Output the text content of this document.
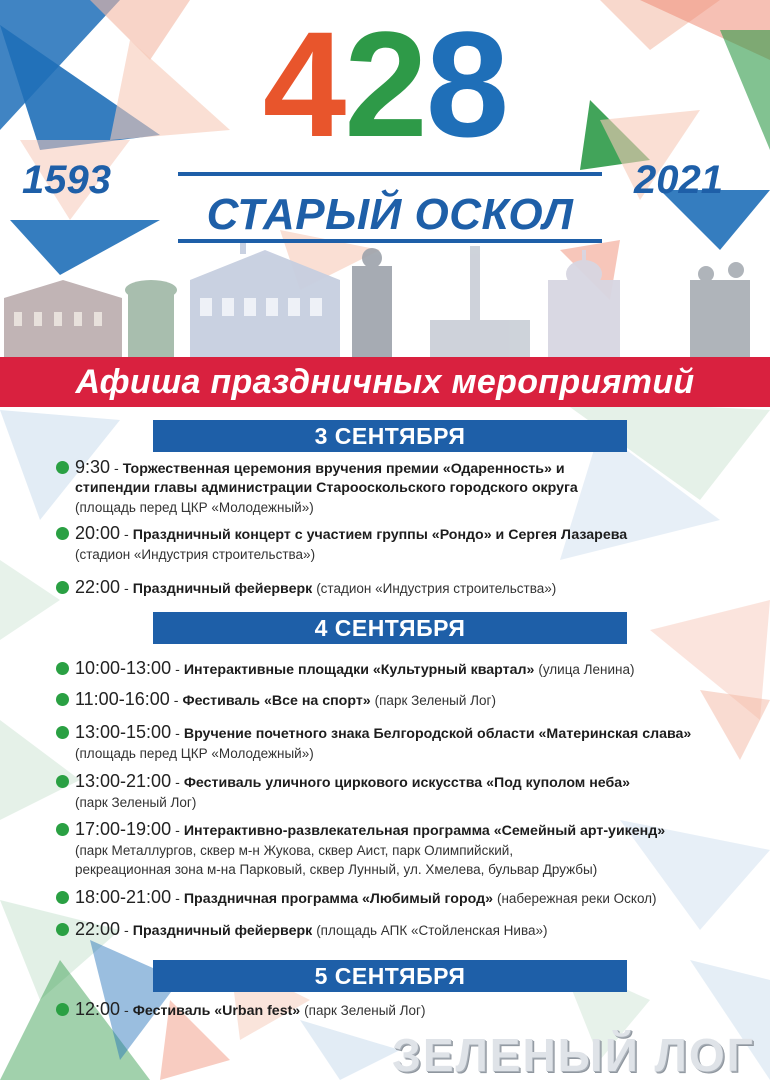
428
1593	2021
СТАРЫЙ ОСКОЛ
Афиша праздничных мероприятий
3 СЕНТЯБРЯ
9:30 - Торжественная церемония вручения премии «Одаренность» и
стипендии главы администрации Старооскольского городского округа
(площадь перед ЦКР «Молодежный»)
20:00 - Праздничный концерт с участием группы «Рондо» и Сергея Лазарева
(стадион «Индустрия строительства»)
22:00 - Праздничный фейерверк
(стадион «Индустрия строительства»)
4 СЕНТЯБРЯ
10:00-13:00 - Интерактивные площадки «Культурный квартал»
(улица Ленина)
11:00-16:00 - Фестиваль «Все на спорт»
(парк Зеленый Лог)
13:00-15:00 - Вручение почетного знака Белгородской области «Материнская слава»
(площадь перед ЦКР «Молодежный»)
13:00-21:00 - Фестиваль уличного циркового искусства «Под куполом неба»
(парк Зеленый Лог)
17:00-19:00 - Интерактивно-развлекательная программа «Семейный арт-уикенд»
(парк Металлургов, сквер м-н Жукова, сквер Аист, парк Олимпийский,
рекреационная зона м-на Парковый, сквер Лунный, ул. Хмелева, бульвар Дружбы)
18:00-21:00 - Праздничная программа «Любимый город»
(набережная реки Оскол)
22:00 - Праздничный фейерверк
(площадь АПК «Стойленская Нива»)
5 СЕНТЯБРЯ
12:00 - Фестиваль «Urban fest»
(парк Зеленый Лог)
ЗЕЛЕНЫЙ ЛОГ
